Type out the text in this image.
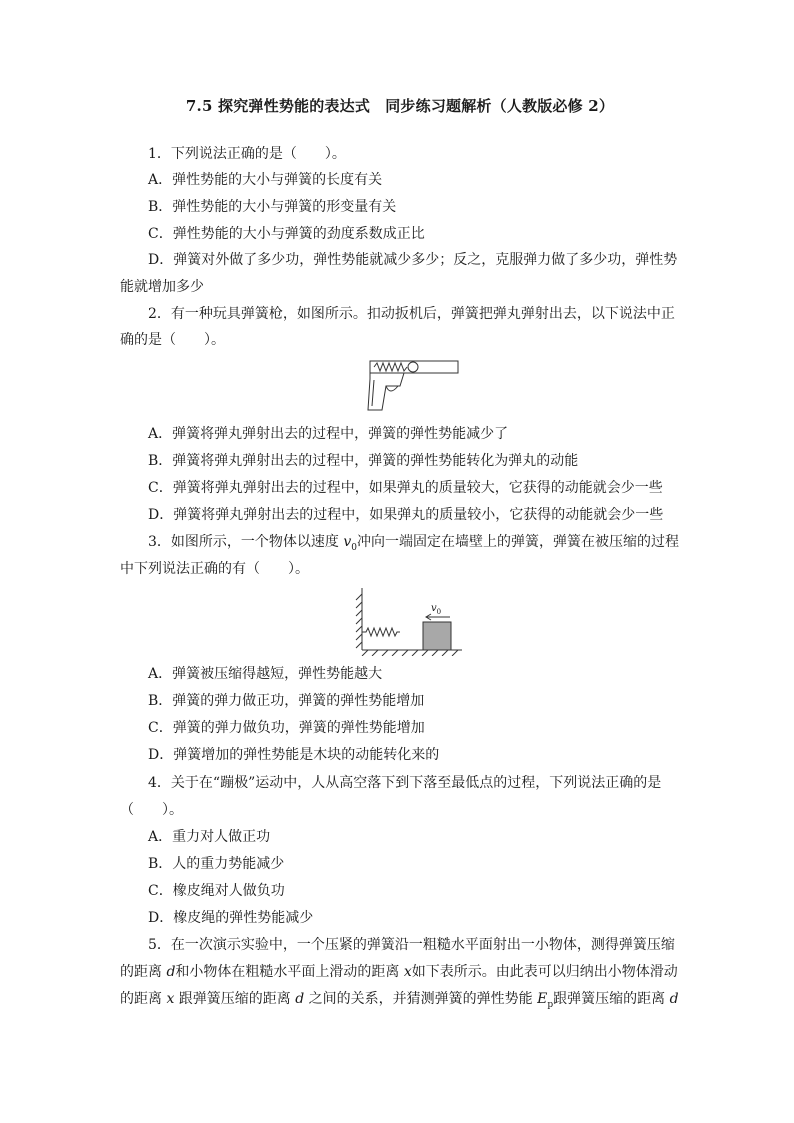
7.5 探究弹性势能的表达式　同步练习题解析（人教版必修 2）
1．下列说法正确的是（　　）。
A．弹性势能的大小与弹簧的长度有关
B．弹性势能的大小与弹簧的形变量有关
C．弹性势能的大小与弹簧的劲度系数成正比
D．弹簧对外做了多少功，弹性势能就减少多少；反之，克服弹力做了多少功，弹性势
能就增加多少
2．有一种玩具弹簧枪，如图所示。扣动扳机后，弹簧把弹丸弹射出去，以下说法中正
确的是（　　）。
A．弹簧将弹丸弹射出去的过程中，弹簧的弹性势能减少了
B．弹簧将弹丸弹射出去的过程中，弹簧的弹性势能转化为弹丸的动能
C．弹簧将弹丸弹射出去的过程中，如果弹丸的质量较大，它获得的动能就会少一些
D．弹簧将弹丸弹射出去的过程中，如果弹丸的质量较小，它获得的动能就会少一些
3．如图所示，一个物体以速度 $v_0$冲向一端固定在墙壁上的弹簧，弹簧在被压缩的过程
中下列说法正确的有（　　）。
$v_0$
A．弹簧被压缩得越短，弹性势能越大
B．弹簧的弹力做正功，弹簧的弹性势能增加
C．弹簧的弹力做负功，弹簧的弹性势能增加
D．弹簧增加的弹性势能是木块的动能转化来的
4．关于在“蹦极”运动中，人从高空落下到下落至最低点的过程，下列说法正确的是
（　　）。
A．重力对人做正功
B．人的重力势能减少
C．橡皮绳对人做负功
D．橡皮绳的弹性势能减少
5．在一次演示实验中，一个压紧的弹簧沿一粗糙水平面射出一小物体，测得弹簧压缩
的距离 d和小物体在粗糙水平面上滑动的距离 x如下表所示。由此表可以归纳出小物体滑动
的距离 x 跟弹簧压缩的距离 d 之间的关系，并猜测弹簧的弹性势能 $E_p$跟弹簧压缩的距离 d
